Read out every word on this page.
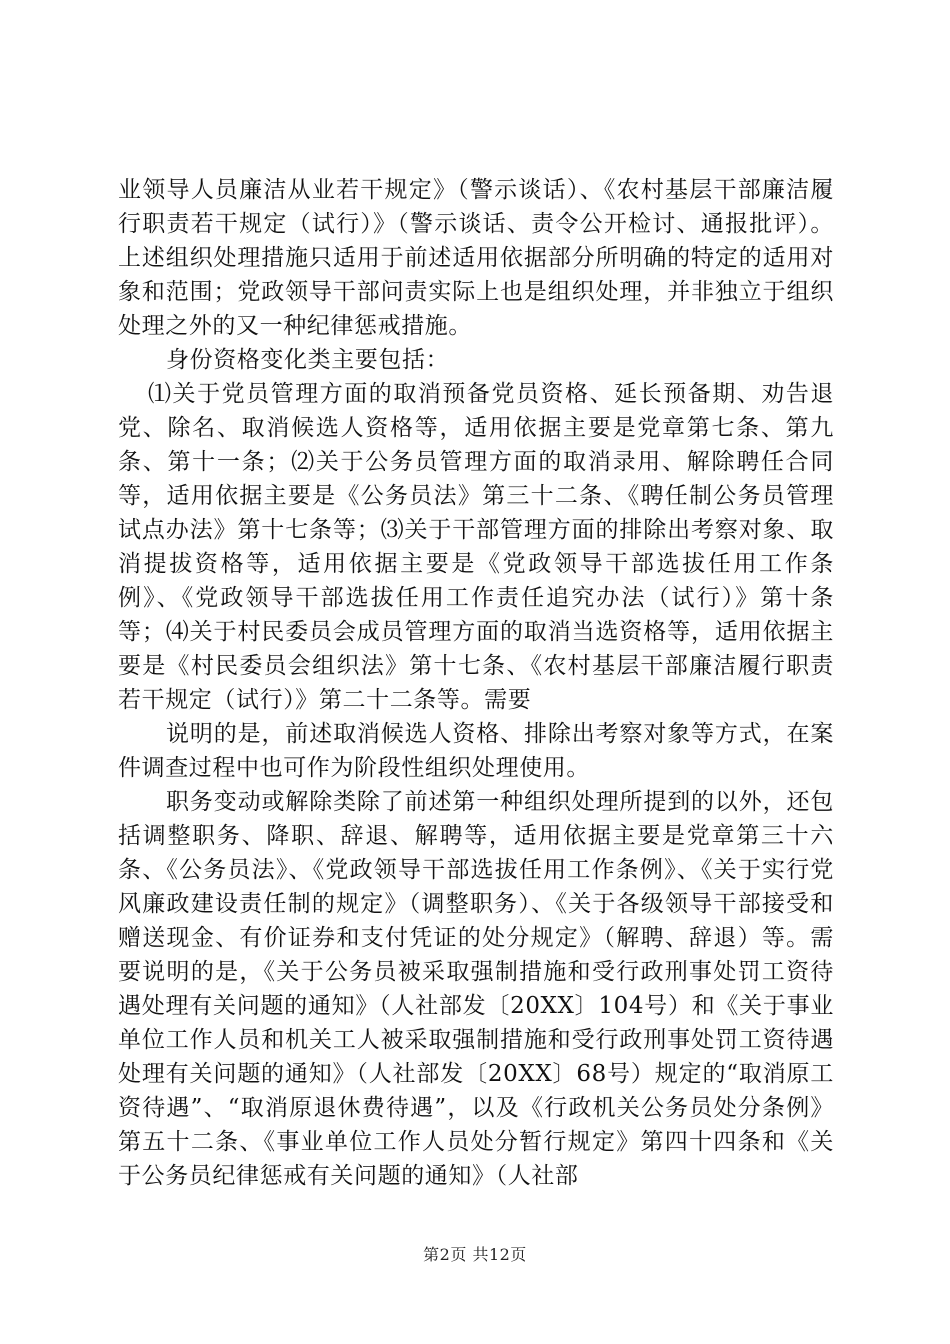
业领导人员廉洁从业若干规定》（警示谈话）、《农村基层干部廉洁履行职责若干规定（试行）》（警示谈话、责令公开检讨、通报批评）。上述组织处理措施只适用于前述适用依据部分所明确的特定的适用对象和范围；党政领导干部问责实际上也是组织处理，并非独立于组织处理之外的又一种纪律惩戒措施。

身份资格变化类主要包括：

⑴关于党员管理方面的取消预备党员资格、延长预备期、劝告退党、除名、取消候选人资格等，适用依据主要是党章第七条、第九条、第十一条；⑵关于公务员管理方面的取消录用、解除聘任合同等，适用依据主要是《公务员法》第三十二条、《聘任制公务员管理试点办法》第十七条等；⑶关于干部管理方面的排除出考察对象、取消提拔资格等，适用依据主要是《党政领导干部选拔任用工作条例》、《党政领导干部选拔任用工作责任追究办法（试行）》第十条等；⑷关于村民委员会成员管理方面的取消当选资格等，适用依据主要是《村民委员会组织法》第十七条、《农村基层干部廉洁履行职责若干规定（试行）》第二十二条等。需要

说明的是，前述取消候选人资格、排除出考察对象等方式，在案件调查过程中也可作为阶段性组织处理使用。

职务变动或解除类除了前述第一种组织处理所提到的以外，还包括调整职务、降职、辞退、解聘等，适用依据主要是党章第三十六条、《公务员法》、《党政领导干部选拔任用工作条例》、《关于实行党风廉政建设责任制的规定》（调整职务）、《关于各级领导干部接受和赠送现金、有价证券和支付凭证的处分规定》（解聘、辞退）等。需要说明的是，《关于公务员被采取强制措施和受行政刑事处罚工资待遇处理有关问题的通知》（人社部发〔20XX〕104号）和《关于事业单位工作人员和机关工人被采取强制措施和受行政刑事处罚工资待遇处理有关问题的通知》（人社部发〔20XX〕68号）规定的“取消原工资待遇”、“取消原退休费待遇”，以及《行政机关公务员处分条例》第五十二条、《事业单位工作人员处分暂行规定》第四十四条和《关于公务员纪律惩戒有关问题的通知》（人社部

第2页 共12页
